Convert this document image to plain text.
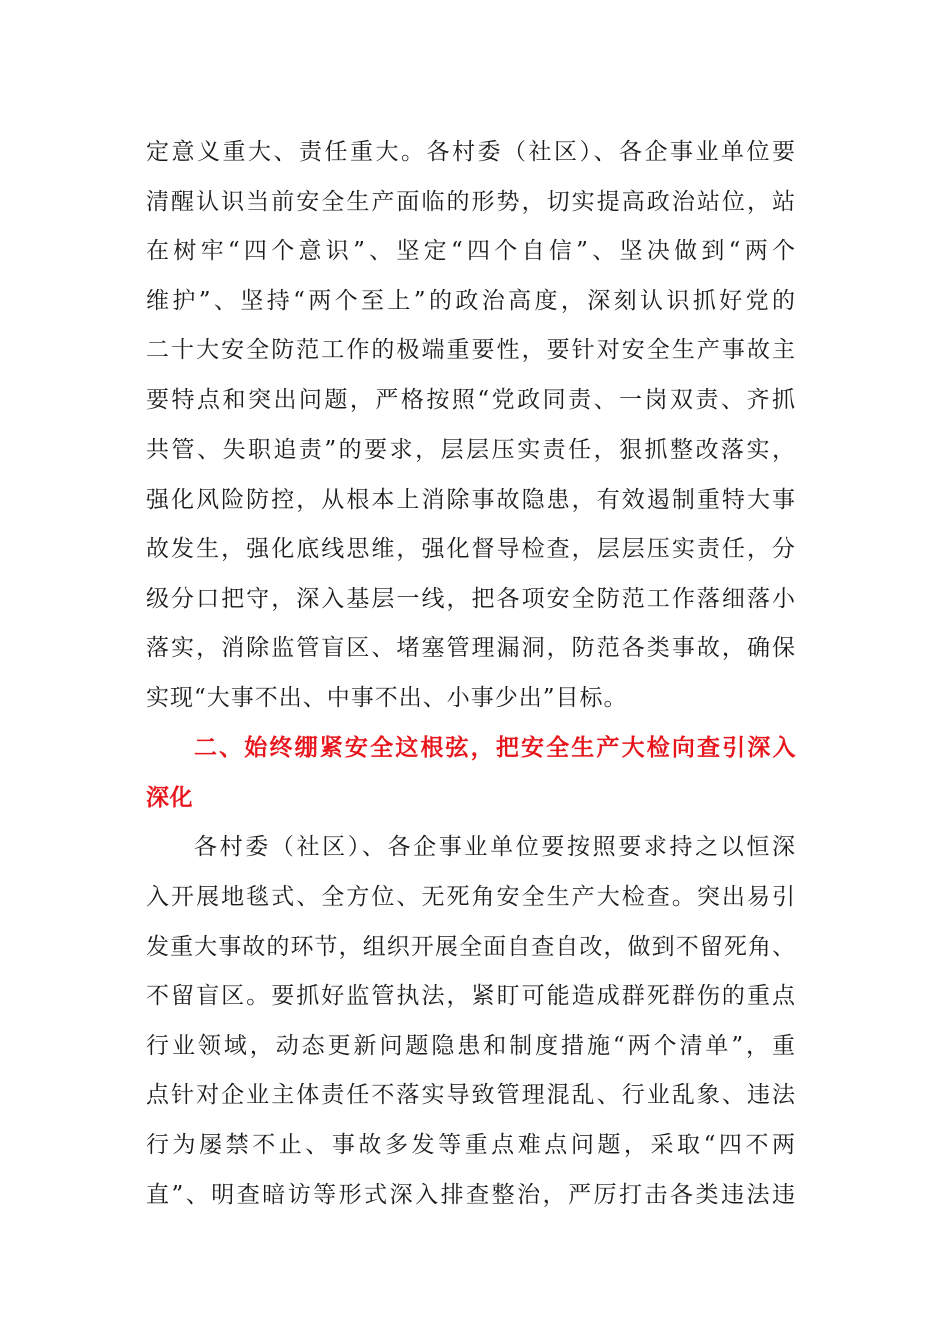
定意义重大、责任重大。各村委（社区）、各企事业单位要
清醒认识当前安全生产面临的形势，切实提高政治站位，站
在树牢“四个意识”、坚定“四个自信”、坚决做到“两个
维护”、坚持“两个至上”的政治高度，深刻认识抓好党的
二十大安全防范工作的极端重要性，要针对安全生产事故主
要特点和突出问题，严格按照“党政同责、一岗双责、齐抓
共管、失职追责”的要求，层层压实责任，狠抓整改落实，
强化风险防控，从根本上消除事故隐患，有效遏制重特大事
故发生，强化底线思维，强化督导检查，层层压实责任，分
级分口把守，深入基层一线，把各项安全防范工作落细落小
落实，消除监管盲区、堵塞管理漏洞，防范各类事故，确保
实现“大事不出、中事不出、小事少出”目标。
二、始终绷紧安全这根弦，把安全生产大检向查引深入
深化
各村委（社区）、各企事业单位要按照要求持之以恒深
入开展地毯式、全方位、无死角安全生产大检查。突出易引
发重大事故的环节，组织开展全面自查自改，做到不留死角、
不留盲区。要抓好监管执法，紧盯可能造成群死群伤的重点
行业领域，动态更新问题隐患和制度措施“两个清单”，重
点针对企业主体责任不落实导致管理混乱、行业乱象、违法
行为屡禁不止、事故多发等重点难点问题，采取“四不两
直”、明查暗访等形式深入排查整治，严厉打击各类违法违
